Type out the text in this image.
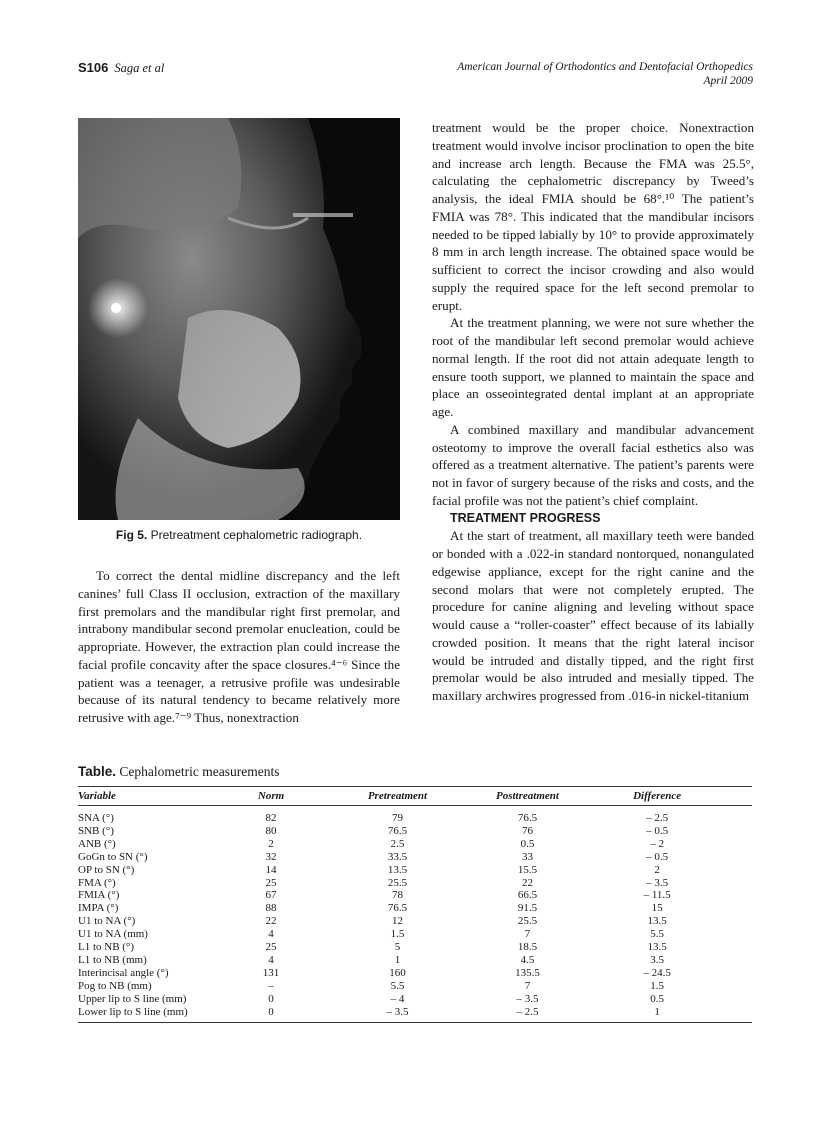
S106 Saga et al	American Journal of Orthodontics and Dentofacial Orthopedics
April 2009
Fig 5. Pretreatment cephalometric radiograph.

To correct the dental midline discrepancy and the left canines’ full Class II occlusion, extraction of the maxillary first premolars and the mandibular right first premolar, and intrabony mandibular second premolar enucleation, could be appropriate. However, the extraction plan could increase the facial profile concavity after the space closures.⁴⁻⁶ Since the patient was a teenager, a retrusive profile was undesirable because of its natural tendency to became relatively more retrusive with age.⁷⁻⁹ Thus, nonextraction

treatment would be the proper choice. Nonextraction treatment would involve incisor proclination to open the bite and increase arch length. Because the FMA was 25.5°, calculating the cephalometric discrepancy by Tweed’s analysis, the ideal FMIA should be 68°.¹⁰ The patient’s FMIA was 78°. This indicated that the mandibular incisors needed to be tipped labially by 10° to provide approximately 8 mm in arch length increase. The obtained space would be sufficient to correct the incisor crowding and also would supply the required space for the left second premolar to erupt.

At the treatment planning, we were not sure whether the root of the mandibular left second premolar would achieve normal length. If the root did not attain adequate length to ensure tooth support, we planned to maintain the space and place an osseointegrated dental implant at an appropriate age.

A combined maxillary and mandibular advancement osteotomy to improve the overall facial esthetics also was offered as a treatment alternative. The patient’s parents were not in favor of surgery because of the risks and costs, and the facial profile was not the patient’s chief complaint.

TREATMENT PROGRESS

At the start of treatment, all maxillary teeth were banded or bonded with a .022-in standard nontorqued, nonangulated edgewise appliance, except for the right canine and the second molars that were not completely erupted. The procedure for canine aligning and leveling without space would cause a “roller-coaster” effect because of its labially crowded position. It means that the right lateral incisor would be intruded and distally tipped, and the right first premolar would be also intruded and mesially tipped. The maxillary archwires progressed from .016-in nickel-titanium

Table. Cephalometric measurements
Variable	Norm	Pretreatment	Posttreatment	Difference
SNA (°)	82	79	76.5	– 2.5
SNB (°)	80	76.5	76	– 0.5
ANB (°)	2	2.5	0.5	– 2
GoGn to SN (°)	32	33.5	33	– 0.5
OP to SN (°)	14	13.5	15.5	2
FMA (°)	25	25.5	22	– 3.5
FMIA (°)	67	78	66.5	– 11.5
IMPA (°)	88	76.5	91.5	15
U1 to NA (°)	22	12	25.5	13.5
U1 to NA (mm)	4	1.5	7	5.5
L1 to NB (°)	25	5	18.5	13.5
L1 to NB (mm)	4	1	4.5	3.5
Interincisal angle (°)	131	160	135.5	– 24.5
Pog to NB (mm)	–	5.5	7	1.5
Upper lip to S line (mm)	0	– 4	– 3.5	0.5
Lower lip to S line (mm)	0	– 3.5	– 2.5	1
